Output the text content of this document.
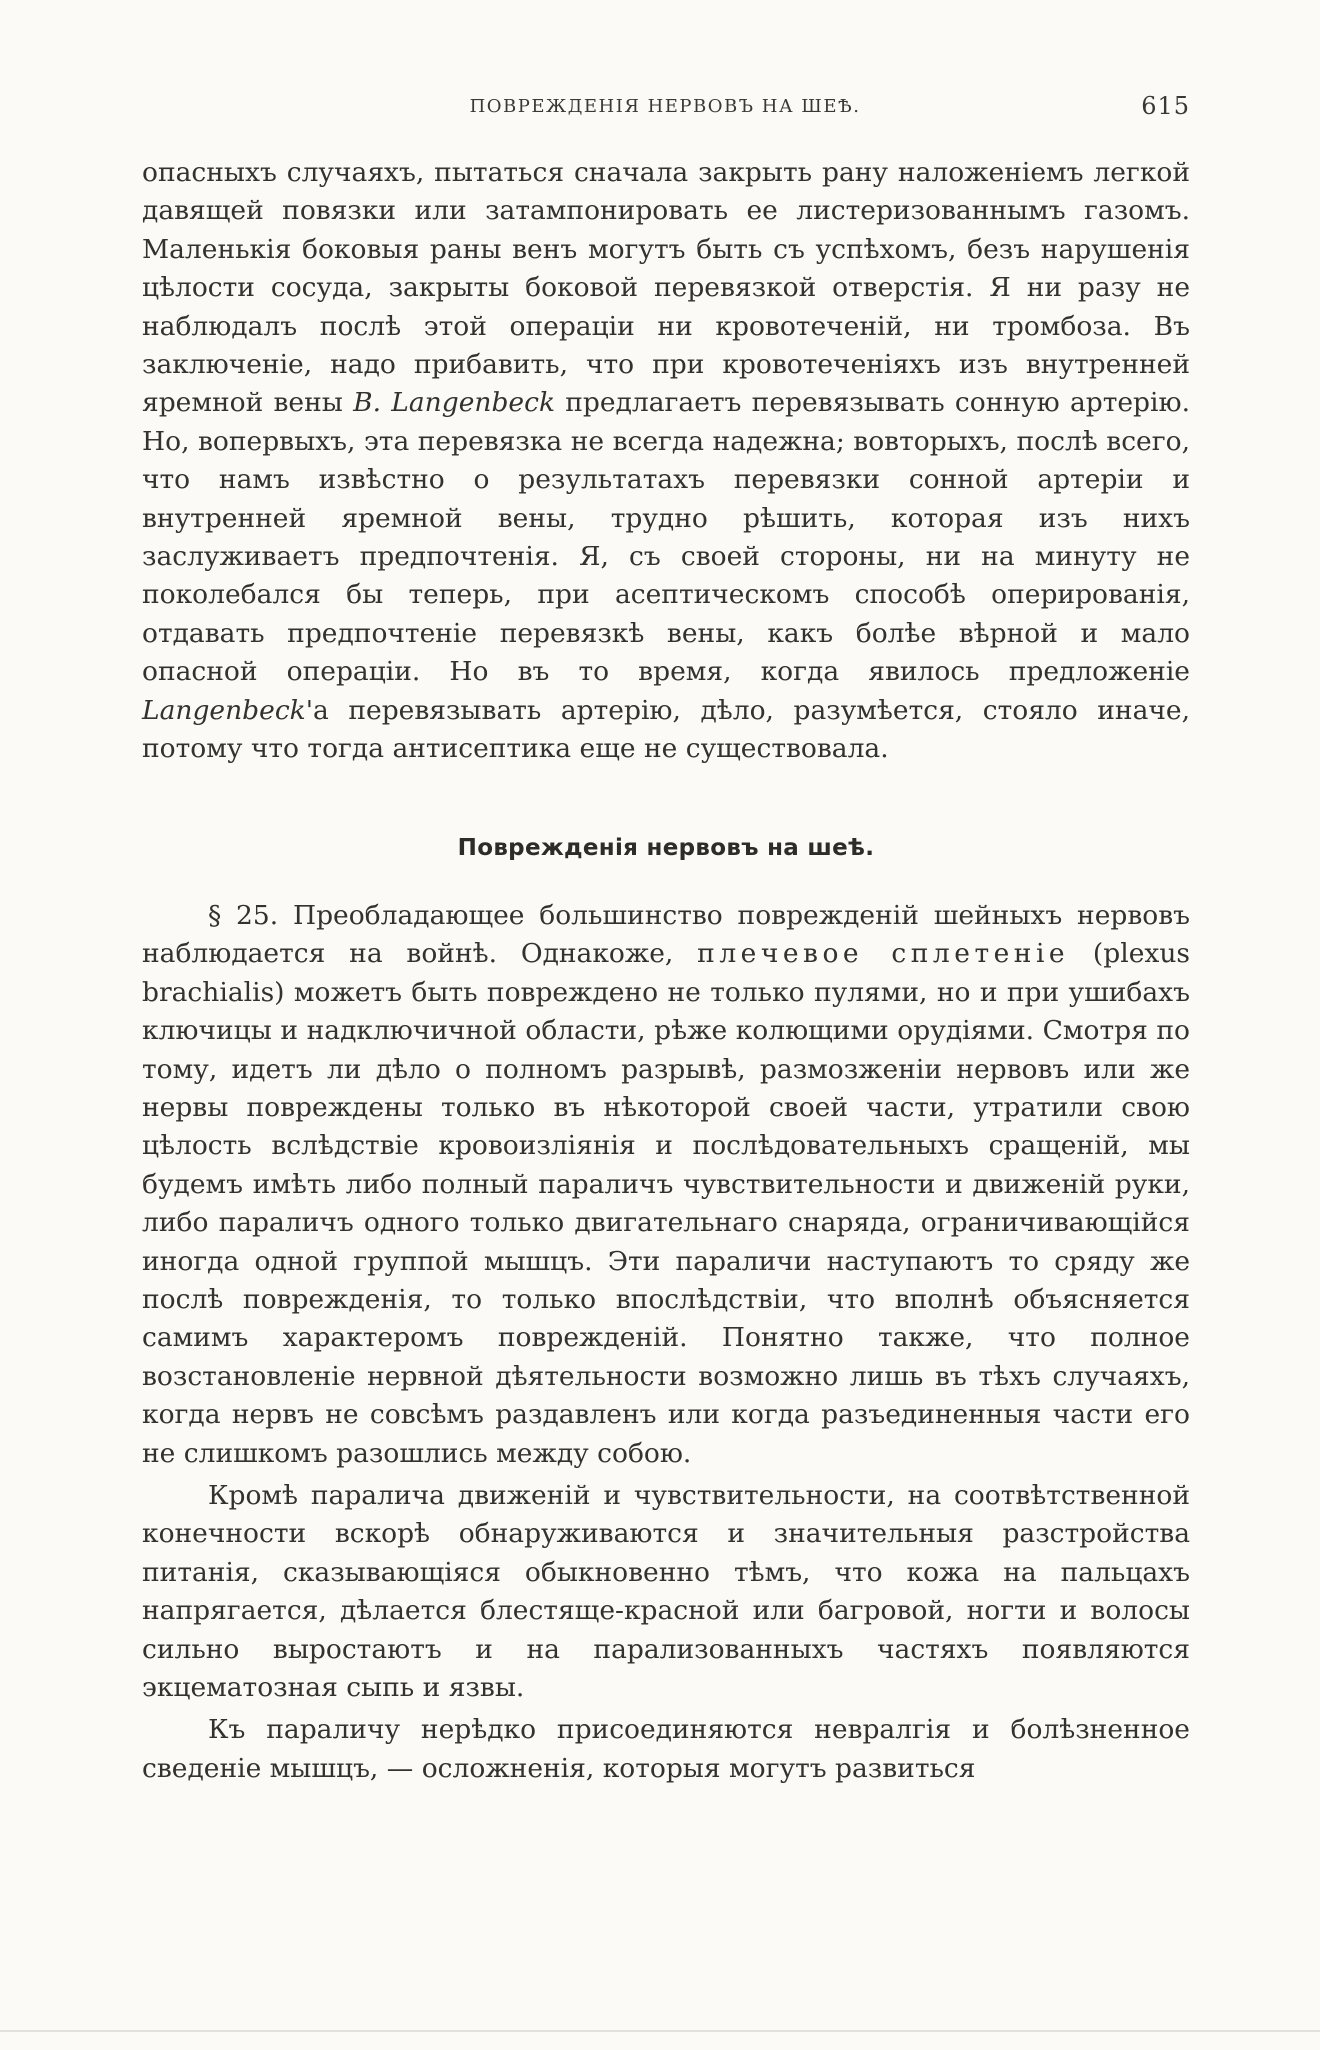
ПОВРЕЖДЕНІЯ НЕРВОВЪ НА ШЕѢ.	615

опасныхъ случаяхъ, пытаться сначала закрыть рану наложеніемъ легкой давящей повязки или затампонировать ее листеризованнымъ газомъ. Маленькія боковыя раны венъ могутъ быть съ успѣхомъ, безъ нарушенія цѣлости сосуда, закрыты боковой перевязкой отверстія. Я ни разу не наблюдалъ послѣ этой операціи ни кровотеченій, ни тромбоза. Въ заключеніе, надо прибавить, что при кровотеченіяхъ изъ внутренней яремной вены B. Langenbeck предлагаетъ перевязывать сонную артерію. Но, вопервыхъ, эта перевязка не всегда надежна; вовторыхъ, послѣ всего, что намъ извѣстно о результатахъ перевязки сонной артеріи и внутренней яремной вены, трудно рѣшить, которая изъ нихъ заслуживаетъ предпочтенія. Я, съ своей стороны, ни на минуту не поколебался бы теперь, при асептическомъ способѣ оперированія, отдавать предпочтеніе перевязкѣ вены, какъ болѣе вѣрной и мало опасной операціи. Но въ то время, когда явилось предложеніе Langenbeck'а перевязывать артерію, дѣло, разумѣется, стояло иначе, потому что тогда антисептика еще не существовала.

Поврежденія нервовъ на шеѣ.

§ 25. Преобладающее большинство поврежденій шейныхъ нервовъ наблюдается на войнѣ. Однакоже, плечевое сплетеніе (plexus brachialis) можетъ быть повреждено не только пулями, но и при ушибахъ ключицы и надключичной области, рѣже колющими орудіями. Смотря по тому, идетъ ли дѣло о полномъ разрывѣ, размозженіи нервовъ или же нервы повреждены только въ нѣкоторой своей части, утратили свою цѣлость вслѣдствіе кровоизліянія и послѣдовательныхъ сращеній, мы будемъ имѣть либо полный параличъ чувствительности и движеній руки, либо параличъ одного только двигательнаго снаряда, ограничивающійся иногда одной группой мышцъ. Эти параличи наступаютъ то сряду же послѣ поврежденія, то только впослѣдствіи, что вполнѣ объясняется самимъ характеромъ поврежденій. Понятно также, что полное возстановленіе нервной дѣятельности возможно лишь въ тѣхъ случаяхъ, когда нервъ не совсѣмъ раздавленъ или когда разъединенныя части его не слишкомъ разошлись между собою.

Кромѣ паралича движеній и чувствительности, на соотвѣтственной конечности вскорѣ обнаруживаются и значительныя разстройства питанія, сказывающіяся обыкновенно тѣмъ, что кожа на пальцахъ напрягается, дѣлается блестяще-красной или багровой, ногти и волосы сильно выростаютъ и на парализованныхъ частяхъ появляются экцематозная сыпь и язвы.

Къ параличу нерѣдко присоединяются невралгія и болѣзненное сведеніе мышцъ, — осложненія, которыя могутъ развиться
